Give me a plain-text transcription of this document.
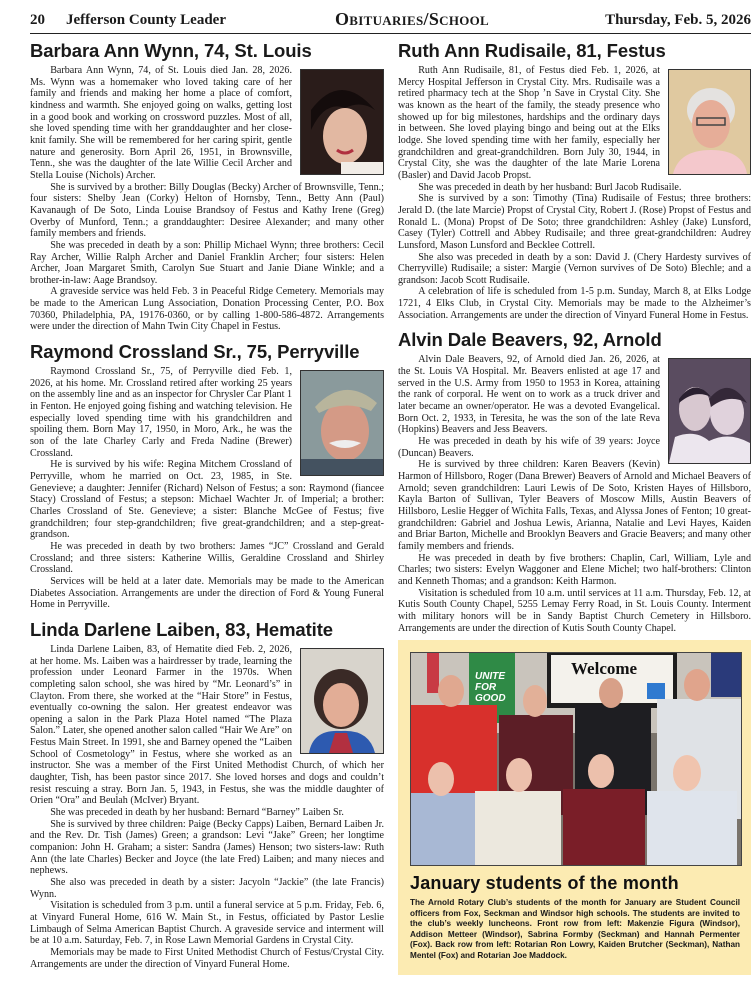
20 Jefferson County Leader	Obituaries/School	Thursday, Feb. 5, 2026
Barbara Ann Wynn, 74, St. Louis

Barbara Ann Wynn, 74, of St. Louis died Jan. 28, 2026. Ms. Wynn was a homemaker who loved taking care of her family and friends and making her home a place of comfort, kindness and warmth. She enjoyed going on walks, getting lost in a good book and working on crossword puzzles. Most of all, she loved spending time with her granddaughter and her close-knit family. She will be remembered for her caring spirit, gentle nature and generosity. Born April 26, 1951, in Brownsville, Tenn., she was the daughter of the late Willie Cecil Archer and Stella Louise (Nichols) Archer.

She is survived by a brother: Billy Douglas (Becky) Archer of Brownsville, Tenn.; four sisters: Shelby Jean (Corky) Helton of Hornsby, Tenn., Betty Ann (Paul) Kavanaugh of De Soto, Linda Louise Brandsoy of Festus and Kathy Irene (Greg) Overby of Munford, Tenn.; a granddaughter: Desiree Alexander; and many other family members and friends.

She was preceded in death by a son: Phillip Michael Wynn; three brothers: Cecil Ray Archer, Willie Ralph Archer and Daniel Franklin Archer; four sisters: Helen Archer, Joan Margaret Smith, Carolyn Sue Stuart and Janie Diane Winkle; and a brother-in-law: Aage Brandsoy.

A graveside service was held Feb. 3 in Peaceful Ridge Cemetery. Memorials may be made to the American Lung Association, Donation Processing Center, P.O. Box 70360, Philadelphia, PA, 19176-0360, or by calling 1-800-586-4872. Arrangements were under the direction of Mahn Twin City Chapel in Festus.

Raymond Crossland Sr., 75, Perryville

Raymond Crossland Sr., 75, of Perryville died Feb. 1, 2026, at his home. Mr. Crossland retired after working 25 years on the assembly line and as an inspector for Chrysler Car Plant 1 in Fenton. He enjoyed going fishing and watching television. He especially loved spending time with his grandchildren and spoiling them. Born May 17, 1950, in Moro, Ark., he was the son of the late Charley Carly and Freda Nadine (Brewer) Crossland.

He is survived by his wife: Regina Mitchem Crossland of Perryville, whom he married on Oct. 23, 1985, in Ste. Genevieve; a daughter: Jennifer (Richard) Nelson of Festus; a son: Raymond (fiancee Stacy) Crossland of Festus; a stepson: Michael Wachter Jr. of Imperial; a brother: Charles Crossland of Ste. Genevieve; a sister: Blanche McGee of Festus; five grandchildren; four step-grandchildren; five great-grandchildren; and a step-great-grandson.

He was preceded in death by two brothers: James “JC” Crossland and Gerald Crossland; and three sisters: Katherine Willis, Geraldine Crossland and Shirley Crossland.

Services will be held at a later date. Memorials may be made to the American Diabetes Association. Arrangements are under the direction of Ford & Young Funeral Home in Perryville.

Linda Darlene Laiben, 83, Hematite

Linda Darlene Laiben, 83, of Hematite died Feb. 2, 2026, at her home. Ms. Laiben was a hairdresser by trade, learning the profession under Leonard Farmer in the 1970s. When completing salon school, she was hired by “Mr. Leonard’s” in Clayton. From there, she worked at the “Hair Store” in Festus, eventually co-owning the salon. Her greatest endeavor was opening a salon in the Park Plaza Hotel named “The Plaza Salon.” Later, she opened another salon called “Hair We Are” on Festus Main Street. In 1991, she and Barney opened the “Laiben School of Cosmetology” in Festus, where she worked as an instructor. She was a member of the First United Methodist Church, of which her daughter, Tish, has been pastor since 2017. She loved horses and dogs and couldn’t resist rescuing a stray. Born Jan. 5, 1943, in Festus, she was the middle daughter of Orien “Ora” and Beulah (McIver) Bryant.

She was preceded in death by her husband: Bernard “Barney” Laiben Sr.

She is survived by three children: Paige (Becky Capps) Laiben, Bernard Laiben Jr. and the Rev. Dr. Tish (James) Green; a grandson: Levi “Jake” Green; her longtime companion: John H. Graham; a sister: Sandra (James) Henson; two sisters-law: Ruth Ann (the late Charles) Becker and Joyce (the late Fred) Laiben; and many nieces and nephews.

She also was preceded in death by a sister: Jacyoln “Jackie” (the late Francis) Wynn.

Visitation is scheduled from 3 p.m. until a funeral service at 5 p.m. Friday, Feb. 6, at Vinyard Funeral Home, 616 W. Main St., in Festus, officiated by Pastor Leslie Limbaugh of Selma American Baptist Church. A graveside service and interment will be at 10 a.m. Saturday, Feb. 7, in Rose Lawn Memorial Gardens in Crystal City.

Memorials may be made to First United Methodist Church of Festus/Crystal City. Arrangements are under the direction of Vinyard Funeral Home.

Ruth Ann Rudisaile, 81, Festus

Ruth Ann Rudisaile, 81, of Festus died Feb. 1, 2026, at Mercy Hospital Jefferson in Crystal City. Mrs. Rudisaile was a retired pharmacy tech at the Shop ’n Save in Crystal City. She was known as the heart of the family, the steady presence who showed up for big milestones, hardships and the ordinary days in between. She loved playing bingo and being out at the Elks lodge. She loved spending time with her family, especially her grandchildren and great-grandchildren. Born July 30, 1944, in Crystal City, she was the daughter of the late Marie Lorena (Basler) and David Jacob Propst.

She was preceded in death by her husband: Burl Jacob Rudisaile.

She is survived by a son: Timothy (Tina) Rudisaile of Festus; three brothers: Jerald D. (the late Marcie) Propst of Crystal City, Robert J. (Rose) Propst of Festus and Ronald L. (Mona) Propst of De Soto; three grandchildren: Ashley (Jake) Lunsford, Casey (Tyler) Cottrell and Abbey Rudisaile; and three great-grandchildren: Audrey Lunsford, Mason Lunsford and Becklee Cottrell.

She also was preceded in death by a son: David J. (Chery Hardesty survives of Cherryville) Rudisaile; a sister: Margie (Vernon survives of De Soto) Blechle; and a grandson: Jacob Scott Rudisaile.

A celebration of life is scheduled from 1-5 p.m. Sunday, March 8, at Elks Lodge 1721, 4 Elks Club, in Crystal City. Memorials may be made to the Alzheimer’s Association. Arrangements are under the direction of Vinyard Funeral Home in Festus.

Alvin Dale Beavers, 92, Arnold

Alvin Dale Beavers, 92, of Arnold died Jan. 26, 2026, at the St. Louis VA Hospital. Mr. Beavers enlisted at age 17 and served in the U.S. Army from 1950 to 1953 in Korea, attaining the rank of corporal. He went on to work as a truck driver and later became an owner/operator. He was a devoted Evangelical. Born Oct. 2, 1933, in Teresita, he was the son of the late Reva (Hopkins) Beavers and Jess Beavers.

He was preceded in death by his wife of 39 years: Joyce (Duncan) Beavers.

He is survived by three children: Karen Beavers (Kevin) Harmon of Hillsboro, Roger (Dana Brewer) Beavers of Arnold and Michael Beavers of Arnold; seven grandchildren: Lauri Lewis of De Soto, Kristen Hayes of Hillsboro, Kayla Barton of Sullivan, Tyler Beavers of Moscow Mills, Austin Beavers of Hillsboro, Leslie Hegger of Wichita Falls, Texas, and Alyssa Jones of Fenton; 10 great-grandchildren: Gabriel and Joshua Lewis, Arianna, Natalie and Levi Hayes, Kaiden and Briar Barton, Michelle and Brooklyn Beavers and Gracie Beavers; and many other family members and friends.

He was preceded in death by five brothers: Chaplin, Carl, William, Lyle and Charles; two sisters: Evelyn Waggoner and Elene Michel; two half-brothers: Clinton and Kenneth Thomas; and a grandson: Keith Harmon.

Visitation is scheduled from 10 a.m. until services at 11 a.m. Thursday, Feb. 12, at Kutis South County Chapel, 5255 Lemay Ferry Road, in St. Louis County. Interment with military honors will be in Sandy Baptist Church Cemetery in Hillsboro. Arrangements are under the direction of Kutis South County Chapel.

UNITE FOR GOOD
Welcome
January students of the month

The Arnold Rotary Club’s students of the month for January are Student Council officers from Fox, Seckman and Windsor high schools. The students are invited to the club’s weekly luncheons. Front row from left: Makenzie Figura (Windsor), Addison Metteer (Windsor), Sabrina Formby (Seckman) and Hannah Permenter (Fox). Back row from left: Rotarian Ron Lowry, Kaiden Brutcher (Seckman), Nathan Mentel (Fox) and Rotarian Joe Maddock.
